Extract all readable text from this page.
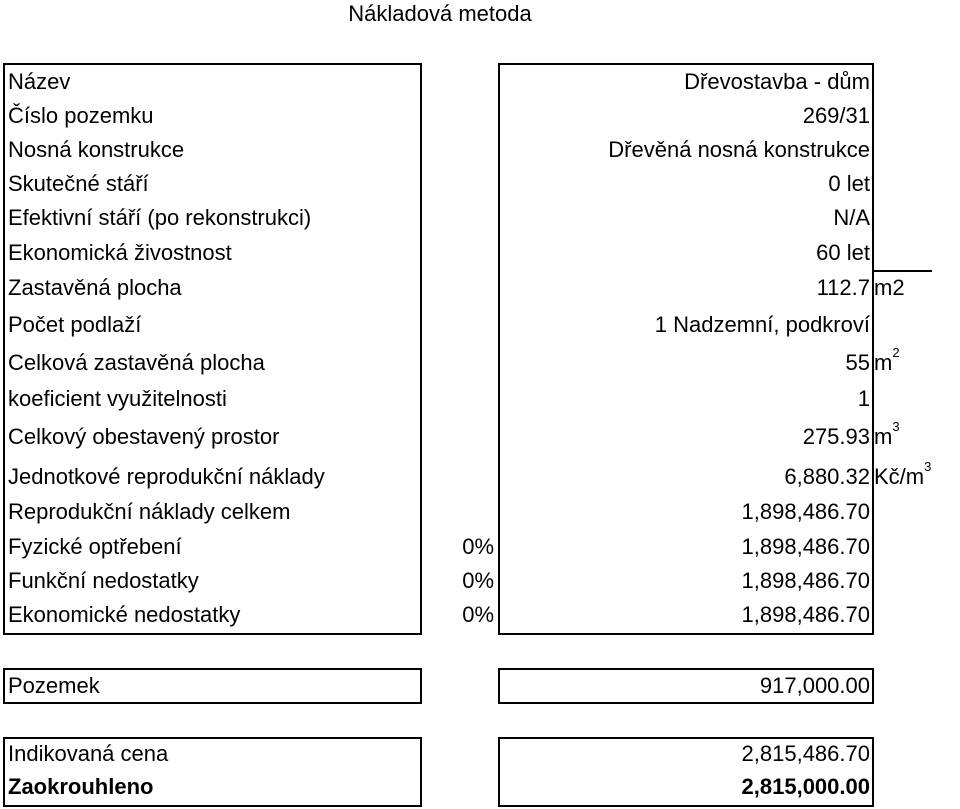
Nákladová metoda
Název	Dřevostavba - dům
Číslo pozemku	269/31
Nosná konstrukce	Dřevěná nosná konstrukce
Skutečné stáří	0 let
Efektivní stáří (po rekonstrukci)	N/A
Ekonomická živostnost	60 let
Zastavěná plocha	112.7 m2
Počet podlaží	1 Nadzemní, podkroví
Celková zastavěná plocha	55 $m^2$
koeficient využitelnosti	1
Celkový obestavený prostor	275.93 $m^3$
Jednotkové reprodukční náklady	6,880.32 $Kč/m^3$
Reprodukční náklady celkem	1,898,486.70
Fyzické optřebení	0%	1,898,486.70
Funkční nedostatky	0%	1,898,486.70
Ekonomické nedostatky	0%	1,898,486.70
Pozemek	917,000.00
Indikovaná cena	2,815,486.70
Zaokrouhleno	2,815,000.00
